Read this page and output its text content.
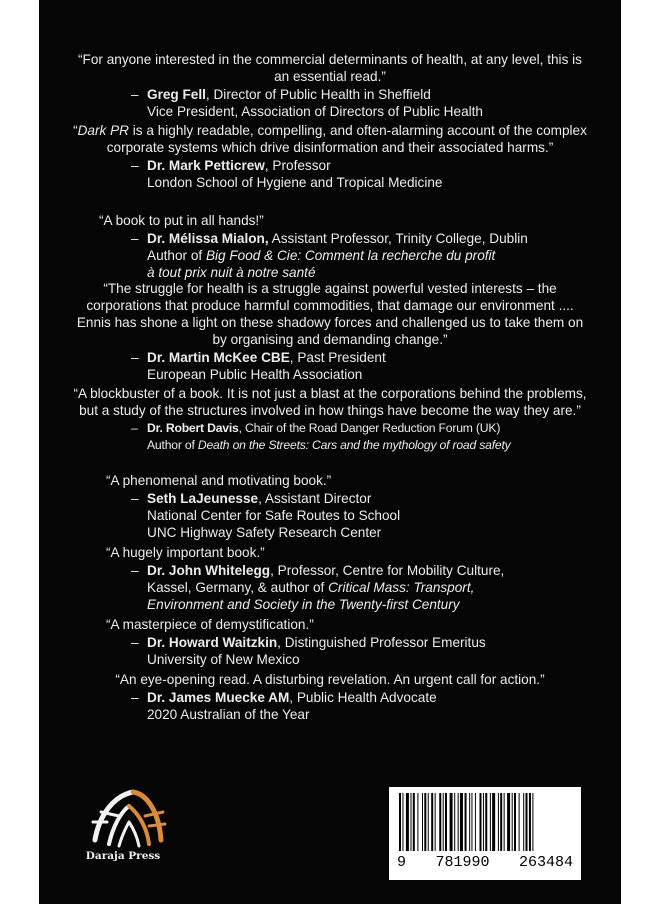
“For anyone interested in the commercial determinants of health, at any level, this is an essential read.”

– Greg Fell, Director of Public Health in Sheffield
Vice President, Association of Directors of Public Health

“Dark PR is a highly readable, compelling, and often-alarming account of the complex corporate systems which drive disinformation and their associated harms.”

– Dr. Mark Petticrew, Professor
London School of Hygiene and Tropical Medicine

“A book to put in all hands!”

– Dr. Mélissa Mialon, Assistant Professor, Trinity College, Dublin
Author of Big Food & Cie: Comment la recherche du profit
à tout prix nuit à notre santé

“The struggle for health is a struggle against powerful vested interests – the corporations that produce harmful commodities, that damage our environment .... Ennis has shone a light on these shadowy forces and challenged us to take them on by organising and demanding change.”

– Dr. Martin McKee CBE, Past President
European Public Health Association

“A blockbuster of a book. It is not just a blast at the corporations behind the problems, but a study of the structures involved in how things have become the way they are.”

– Dr. Robert Davis, Chair of the Road Danger Reduction Forum (UK)
Author of Death on the Streets: Cars and the mythology of road safety

“A phenomenal and motivating book.”

– Seth LaJeunesse, Assistant Director
National Center for Safe Routes to School
UNC Highway Safety Research Center

“A hugely important book.”

– Dr. John Whitelegg, Professor, Centre for Mobility Culture,
Kassel, Germany, & author of Critical Mass: Transport,
Environment and Society in the Twenty-first Century

“A masterpiece of demystification.”

– Dr. Howard Waitzkin, Distinguished Professor Emeritus
University of New Mexico

“An eye-opening read. A disturbing revelation. An urgent call for action.”

– Dr. James Muecke AM, Public Health Advocate
2020 Australian of the Year
Daraja Press	9 781990 263484
